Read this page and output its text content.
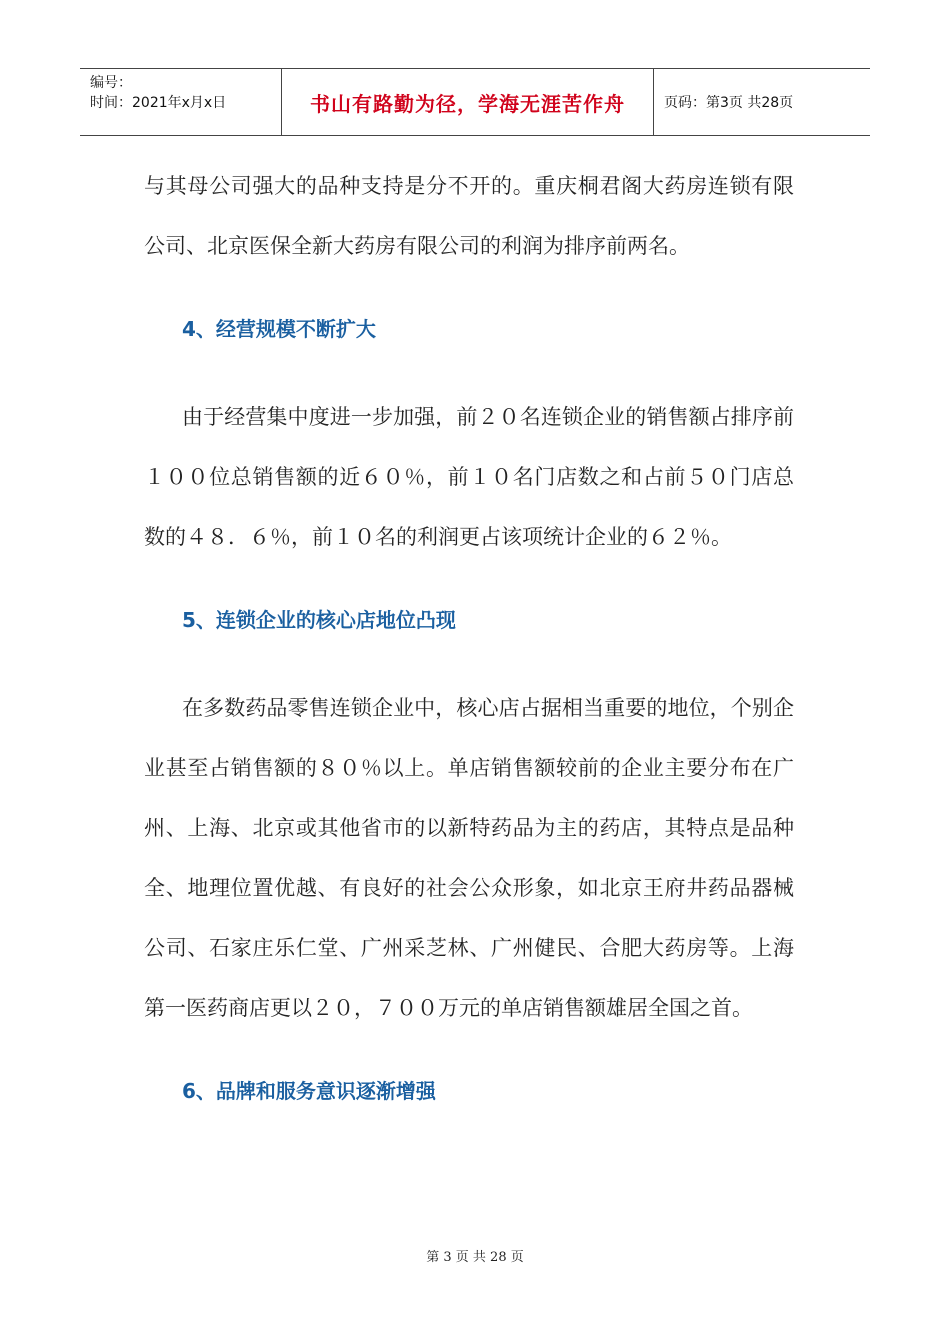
编号：
时间：2021年x月x日	书山有路勤为径，学海无涯苦作舟	页码：第3页 共28页

与其母公司强大的品种支持是分不开的。重庆桐君阁大药房连锁有限公司、北京医保全新大药房有限公司的利润为排序前两名。

4、经营规模不断扩大

由于经营集中度进一步加强，前２０名连锁企业的销售额占排序前１００位总销售额的近６０％，前１０名门店数之和占前５０门店总数的４８．６％，前１０名的利润更占该项统计企业的６２％。

5、连锁企业的核心店地位凸现

在多数药品零售连锁企业中，核心店占据相当重要的地位，个别企业甚至占销售额的８０％以上。单店销售额较前的企业主要分布在广州、上海、北京或其他省市的以新特药品为主的药店，其特点是品种全、地理位置优越、有良好的社会公众形象，如北京王府井药品器械公司、石家庄乐仁堂、广州采芝林、广州健民、合肥大药房等。上海第一医药商店更以２０，７００万元的单店销售额雄居全国之首。

6、品牌和服务意识逐渐增强

第 3 页 共 28 页
